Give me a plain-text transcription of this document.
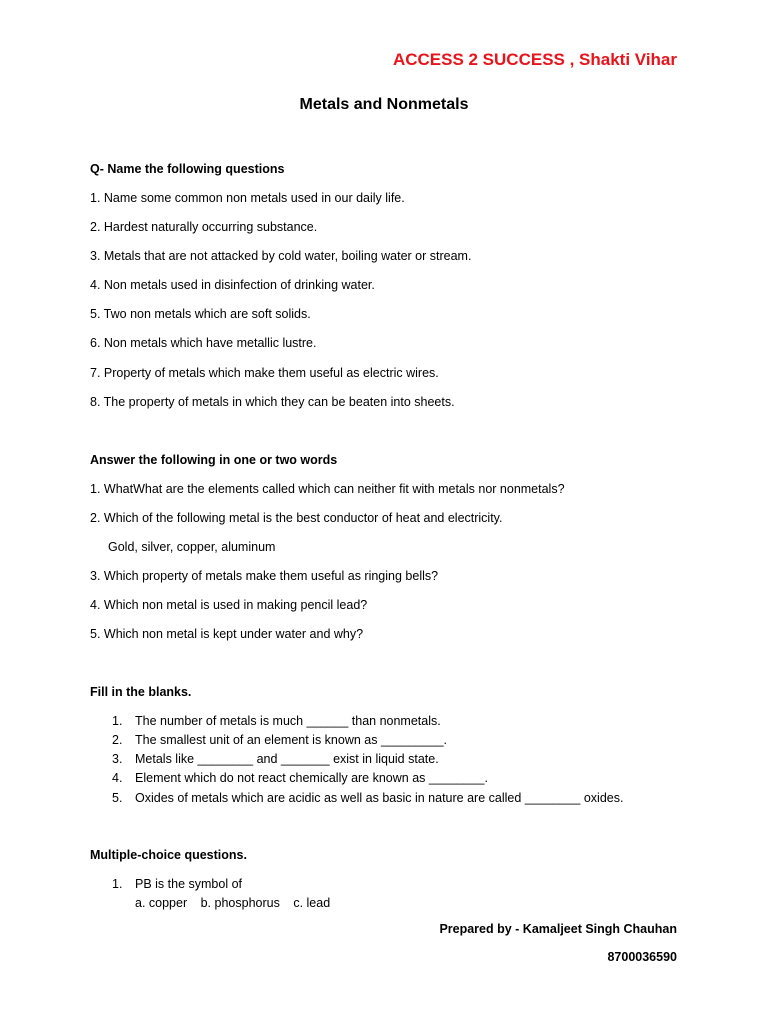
ACCESS 2 SUCCESS , Shakti Vihar
Metals and Nonmetals
Q- Name the following questions
1. Name some common non metals used in our daily life.
2. Hardest naturally occurring substance.
3. Metals that are not attacked by cold water, boiling water or stream.
4. Non metals used in disinfection of drinking water.
5. Two non metals which are soft solids.
6. Non metals which have metallic lustre.
7. Property of metals which make them useful as electric wires.
8. The property of metals in which they can be beaten into sheets.
Answer the following in one or two words
1. WhatWhat are the elements called which can neither fit with metals nor nonmetals?
2. Which of the following metal is the best conductor of heat and electricity.
Gold, silver, copper, aluminum
3. Which property of metals make them useful as ringing bells?
4. Which non metal is used in making pencil lead?
5. Which non metal is kept under water and why?
Fill in the blanks.
1. The number of metals is much ______ than nonmetals.
2. The smallest unit of an element is known as _________.
3. Metals like ________ and _______ exist in liquid state.
4. Element which do not react chemically are known as ________.
5. Oxides of metals which are acidic as well as basic in nature are called ________ oxides.
Multiple-choice questions.
1. PB is the symbol of
a. copper b. phosphorus c. lead
Prepared by - Kamaljeet Singh Chauhan
8700036590
